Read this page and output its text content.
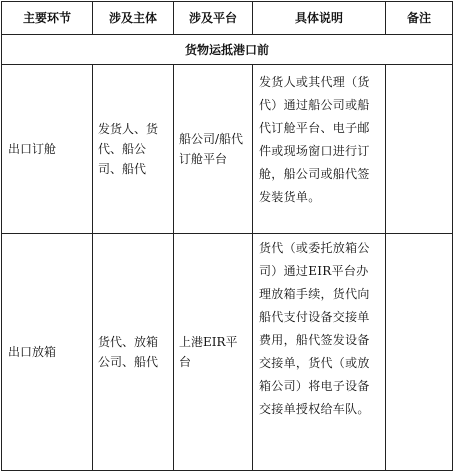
主要环节	涉及主体	涉及平台	具体说明	备注
货物运抵港口前				
出口订舱	发货人、货代、船公司、船代	船公司/船代订舱平台	发货人或其代理（货代）通过船公司或船代订舱平台、电子邮件或现场窗口进行订舱，船公司或船代签发装货单。	
出口放箱	货代、放箱公司、船代	上港EIR平台	货代（或委托放箱公司）通过EIR平台办理放箱手续，货代向船代支付设备交接单费用，船代签发设备交接单，货代（或放箱公司）将电子设备交接单授权给车队。	
